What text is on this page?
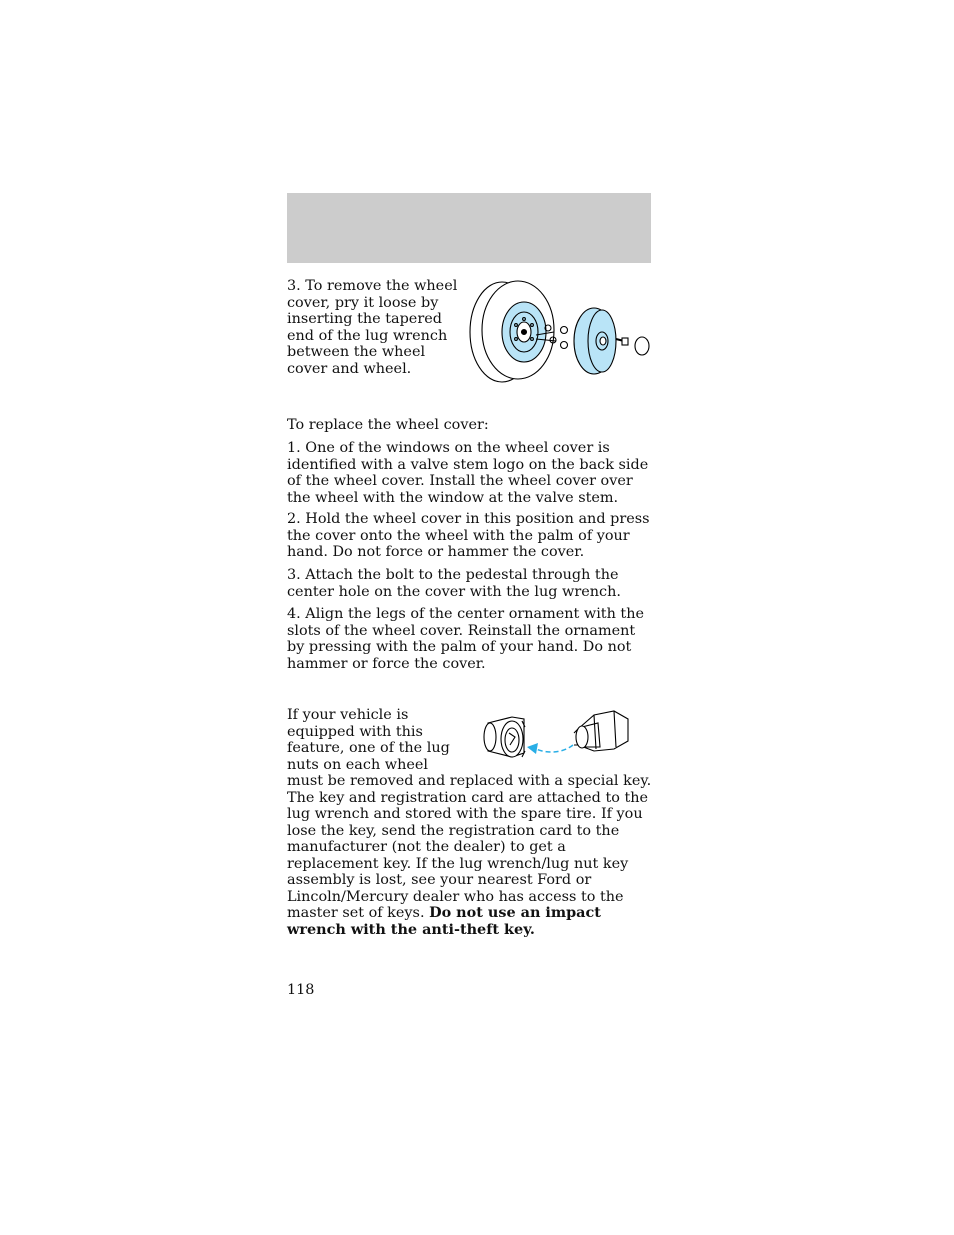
3. To remove the wheel cover, pry it loose by inserting the tapered end of the lug wrench between the wheel cover and wheel.

To replace the wheel cover:

1. One of the windows on the wheel cover is identified with a valve stem logo on the back side of the wheel cover. Install the wheel cover over the wheel with the window at the valve stem.

2. Hold the wheel cover in this position and press the cover onto the wheel with the palm of your hand. Do not force or hammer the cover.

3. Attach the bolt to the pedestal through the center hole on the cover with the lug wrench.

4. Align the legs of the center ornament with the slots of the wheel cover. Reinstall the ornament by pressing with the palm of your hand. Do not hammer or force the cover.

If your vehicle is equipped with this feature, one of the lug nuts on each wheel

must be removed and replaced with a special key. The key and registration card are attached to the lug wrench and stored with the spare tire. If you lose the key, send the registration card to the manufacturer (not the dealer) to get a replacement key. If the lug wrench/lug nut key assembly is lost, see your nearest Ford or Lincoln/Mercury dealer who has access to the master set of keys. Do not use an impact wrench with the anti-theft key.

118
